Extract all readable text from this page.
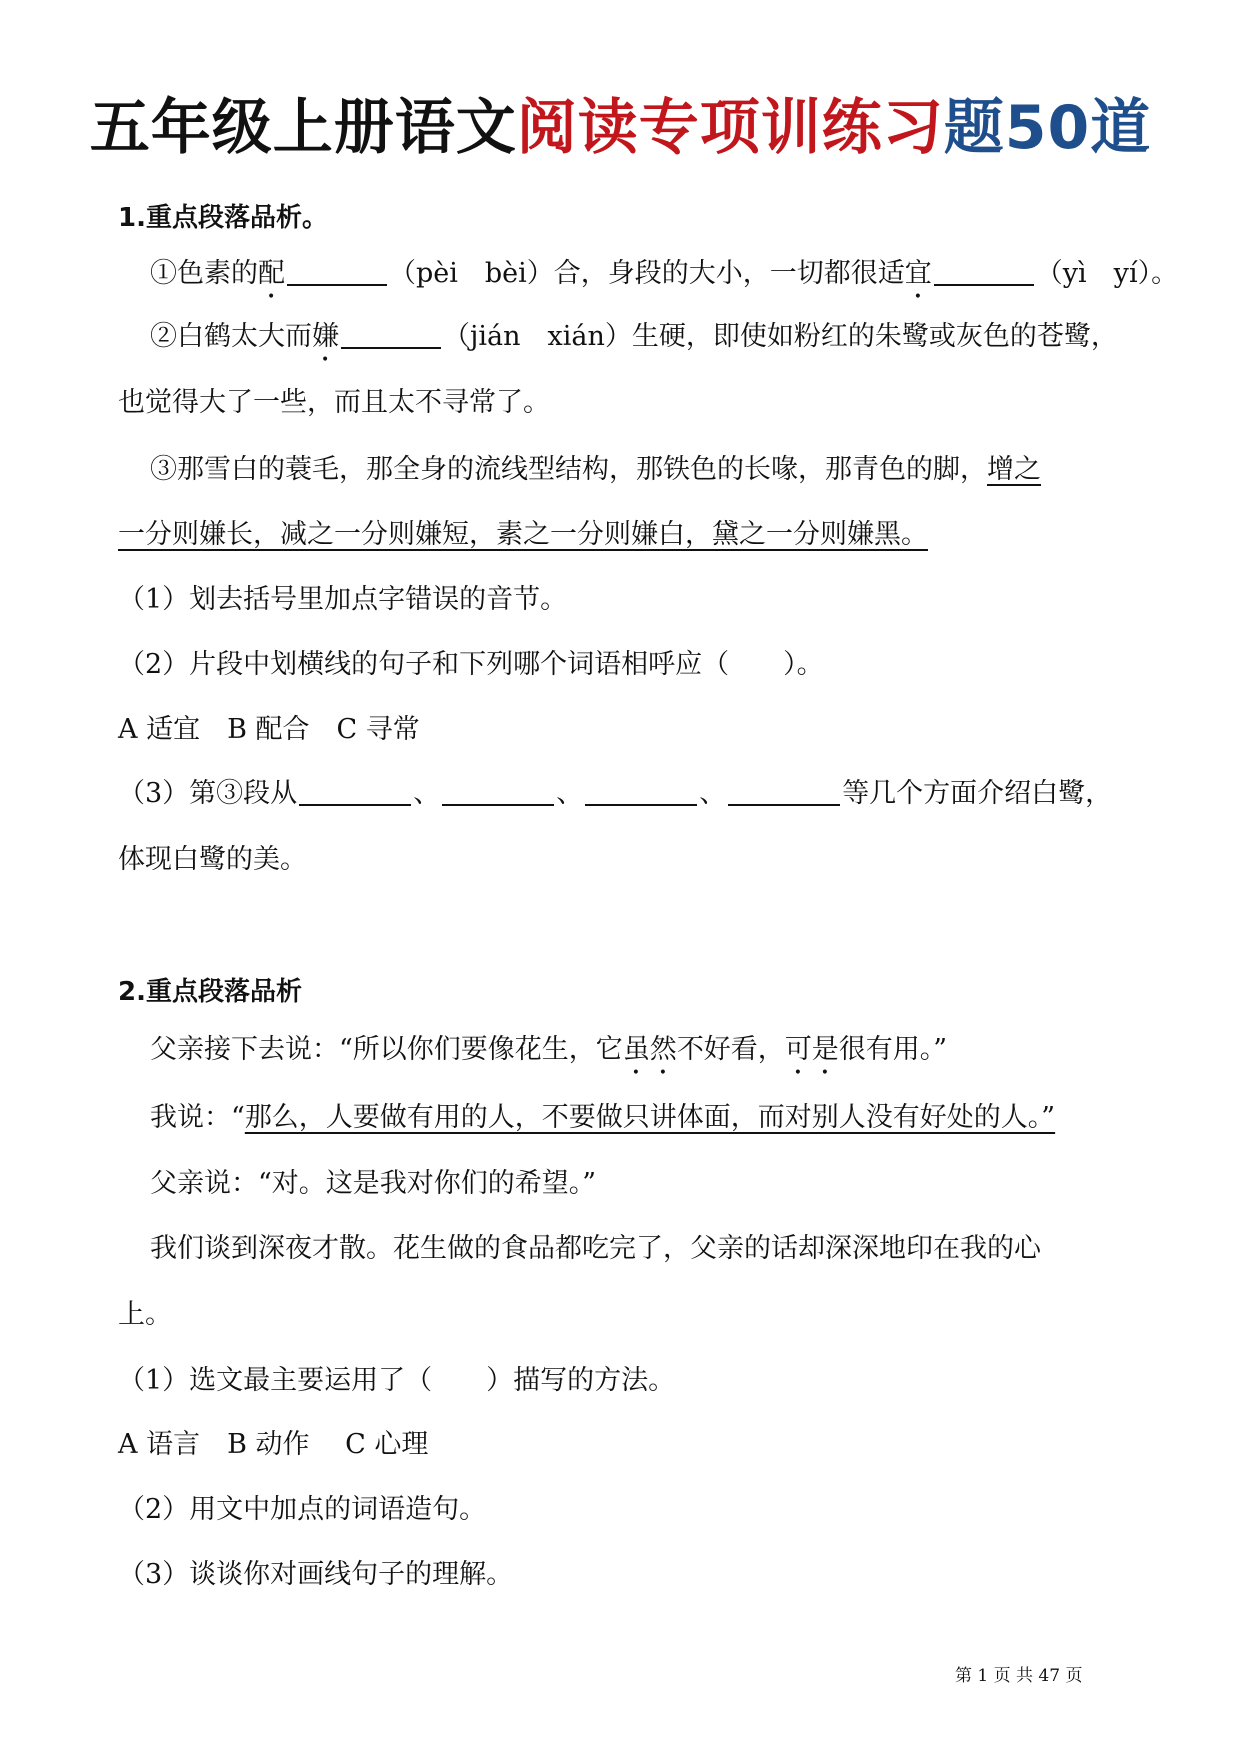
五年级上册语文阅读专项训练习题50道
1.重点段落品析。
①色素的配	（pèi　bèi）合，身段的大小，一切都很适宜	（yì　yí）。
②白鹤太大而嫌	（jián　xián）生硬，即使如粉红的朱鹭或灰色的苍鹭，
也觉得大了一些，而且太不寻常了。
③那雪白的蓑毛，那全身的流线型结构，那铁色的长喙，那青色的脚，增之
一分则嫌长，减之一分则嫌短，素之一分则嫌白，黛之一分则嫌黑。
（1）划去括号里加点字错误的音节。
（2）片段中划横线的句子和下列哪个词语相呼应（　　）。
A 适宜　B 配合　C 寻常
（3）第③段从	、	、	、	等几个方面介绍白鹭，
体现白鹭的美。
2.重点段落品析
父亲接下去说：“所以你们要像花生，它虽然不好看，可是很有用。”
我说：“那么，人要做有用的人，不要做只讲体面，而对别人没有好处的人。”
父亲说：“对。这是我对你们的希望。”
我们谈到深夜才散。花生做的食品都吃完了，父亲的话却深深地印在我的心
上。
（1）选文最主要运用了（　　）描写的方法。
A 语言　B 动作　 C 心理
（2）用文中加点的词语造句。
（3）谈谈你对画线句子的理解。
第 1 页 共 47 页
